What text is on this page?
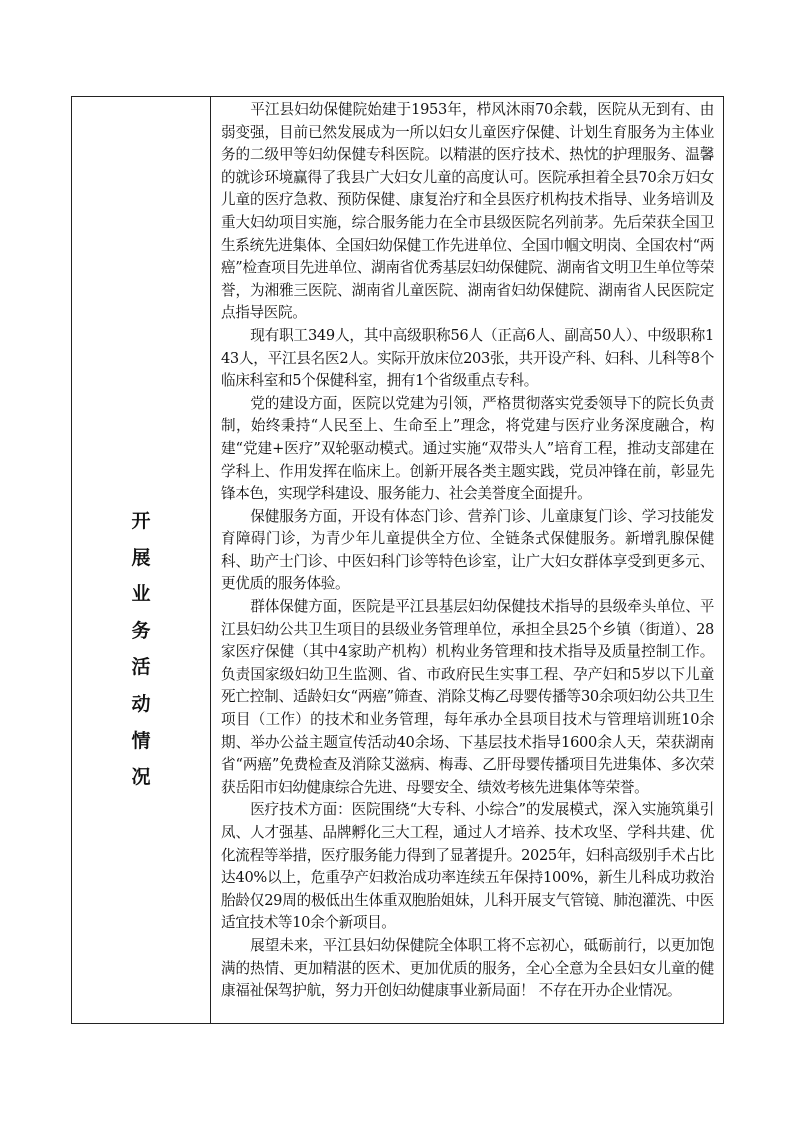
开
展
业
务
活
动
情
况

平江县妇幼保健院始建于1953年，栉风沐雨70余载，医院从无到有、由弱变强，目前已然发展成为一所以妇女儿童医疗保健、计划生育服务为主体业务的二级甲等妇幼保健专科医院。以精湛的医疗技术、热忱的护理服务、温馨的就诊环境赢得了我县广大妇女儿童的高度认可。医院承担着全县70余万妇女儿童的医疗急救、预防保健、康复治疗和全县医疗机构技术指导、业务培训及重大妇幼项目实施，综合服务能力在全市县级医院名列前茅。先后荣获全国卫生系统先进集体、全国妇幼保健工作先进单位、全国巾帼文明岗、全国农村“两癌”检查项目先进单位、湖南省优秀基层妇幼保健院、湖南省文明卫生单位等荣誉，为湘雅三医院、湖南省儿童医院、湖南省妇幼保健院、湖南省人民医院定点指导医院。

现有职工349人，其中高级职称56人（正高6人、副高50人）、中级职称143人，平江县名医2人。实际开放床位203张，共开设产科、妇科、儿科等8个临床科室和5个保健科室，拥有1个省级重点专科。

党的建设方面，医院以党建为引领，严格贯彻落实党委领导下的院长负责制，始终秉持“人民至上、生命至上”理念，将党建与医疗业务深度融合，构建“党建+医疗”双轮驱动模式。通过实施“双带头人”培育工程，推动支部建在学科上、作用发挥在临床上。创新开展各类主题实践，党员冲锋在前，彰显先锋本色，实现学科建设、服务能力、社会美誉度全面提升。

保健服务方面，开设有体态门诊、营养门诊、儿童康复门诊、学习技能发育障碍门诊，为青少年儿童提供全方位、全链条式保健服务。新增乳腺保健科、助产士门诊、中医妇科门诊等特色诊室，让广大妇女群体享受到更多元、更优质的服务体验。

群体保健方面，医院是平江县基层妇幼保健技术指导的县级牵头单位、平江县妇幼公共卫生项目的县级业务管理单位，承担全县25个乡镇（街道）、28家医疗保健（其中4家助产机构）机构业务管理和技术指导及质量控制工作。负责国家级妇幼卫生监测、省、市政府民生实事工程、孕产妇和5岁以下儿童死亡控制、适龄妇女“两癌”筛查、消除艾梅乙母婴传播等30余项妇幼公共卫生项目（工作）的技术和业务管理，每年承办全县项目技术与管理培训班10余期、举办公益主题宣传活动40余场、下基层技术指导1600余人天，荣获湖南省“两癌”免费检查及消除艾滋病、梅毒、乙肝母婴传播项目先进集体、多次荣获岳阳市妇幼健康综合先进、母婴安全、绩效考核先进集体等荣誉。

医疗技术方面：医院围绕“大专科、小综合”的发展模式，深入实施筑巢引凤、人才强基、品牌孵化三大工程，通过人才培养、技术攻坚、学科共建、优化流程等举措，医疗服务能力得到了显著提升。2025年，妇科高级别手术占比达40%以上，危重孕产妇救治成功率连续五年保持100%，新生儿科成功救治胎龄仅29周的极低出生体重双胞胎姐妹，儿科开展支气管镜、肺泡灌洗、中医适宜技术等10余个新项目。

展望未来，平江县妇幼保健院全体职工将不忘初心，砥砺前行，以更加饱满的热情、更加精湛的医术、更加优质的服务，全心全意为全县妇女儿童的健康福祉保驾护航，努力开创妇幼健康事业新局面！ 不存在开办企业情况。
